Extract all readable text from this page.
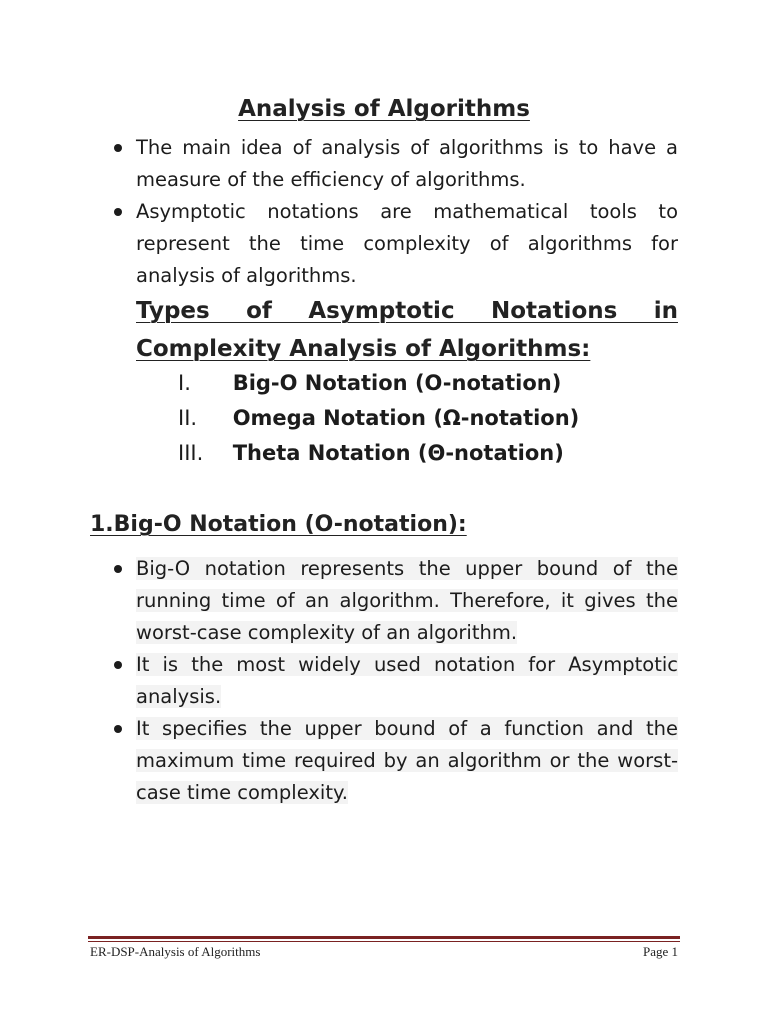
Analysis of Algorithms
The main idea of analysis of algorithms is to have a measure of the efficiency of algorithms.
Asymptotic notations are mathematical tools to represent the time complexity of algorithms for analysis of algorithms.
Types of Asymptotic Notations in Complexity Analysis of Algorithms:
I. Big-O Notation (O-notation)
II. Omega Notation (Ω-notation)
III. Theta Notation (Θ-notation)
1.Big-O Notation (O-notation):
Big-O notation represents the upper bound of the running time of an algorithm. Therefore, it gives the worst-case complexity of an algorithm.
It is the most widely used notation for Asymptotic analysis.
It specifies the upper bound of a function and the maximum time required by an algorithm or the worst-case time complexity.
ER-DSP-Analysis of Algorithms	Page 1
